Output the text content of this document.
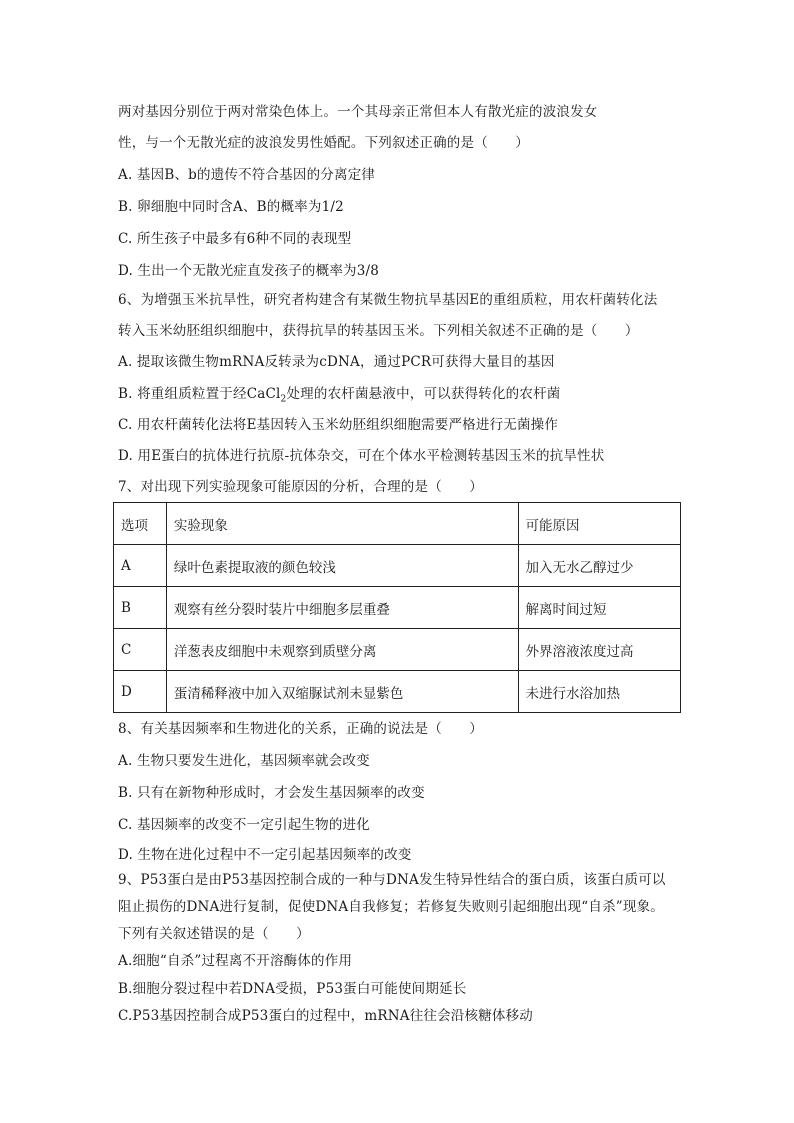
两对基因分别位于两对常染色体上。一个其母亲正常但本人有散光症的波浪发女
性，与一个无散光症的波浪发男性婚配。下列叙述正确的是（　　）
A. 基因B、b的遗传不符合基因的分离定律
B. 卵细胞中同时含A、B的概率为1/2
C. 所生孩子中最多有6种不同的表现型
D. 生出一个无散光症直发孩子的概率为3/8
6、为增强玉米抗旱性，研究者构建含有某微生物抗旱基因E的重组质粒，用农杆菌转化法
转入玉米幼胚组织细胞中，获得抗旱的转基因玉米。下列相关叙述不正确的是（　　）
A. 提取该微生物mRNA反转录为cDNA，通过PCR可获得大量目的基因
B. 将重组质粒置于经CaCl$_2$处理的农杆菌悬液中，可以获得转化的农杆菌
C. 用农杆菌转化法将E基因转入玉米幼胚组织细胞需要严格进行无菌操作
D. 用E蛋白的抗体进行抗原-抗体杂交，可在个体水平检测转基因玉米的抗旱性状
7、对出现下列实验现象可能原因的分析，合理的是（　　）
选项	实验现象	可能原因
A	绿叶色素提取液的颜色较浅	加入无水乙醇过少
B	观察有丝分裂时装片中细胞多层重叠	解离时间过短
C	洋葱表皮细胞中未观察到质壁分离	外界溶液浓度过高
D	蛋清稀释液中加入双缩脲试剂未显紫色	未进行水浴加热
8、有关基因频率和生物进化的关系，正确的说法是（　　）
A. 生物只要发生进化，基因频率就会改变
B. 只有在新物种形成时，才会发生基因频率的改变
C. 基因频率的改变不一定引起生物的进化
D. 生物在进化过程中不一定引起基因频率的改变
9、P53蛋白是由P53基因控制合成的一种与DNA发生特异性结合的蛋白质，该蛋白质可以
阻止损伤的DNA进行复制，促使DNA自我修复；若修复失败则引起细胞出现“自杀”现象。
下列有关叙述错误的是（　　）
A.细胞“自杀”过程离不开溶酶体的作用
B.细胞分裂过程中若DNA受损，P53蛋白可能使间期延长
C.P53基因控制合成P53蛋白的过程中，mRNA往往会沿核糖体移动
